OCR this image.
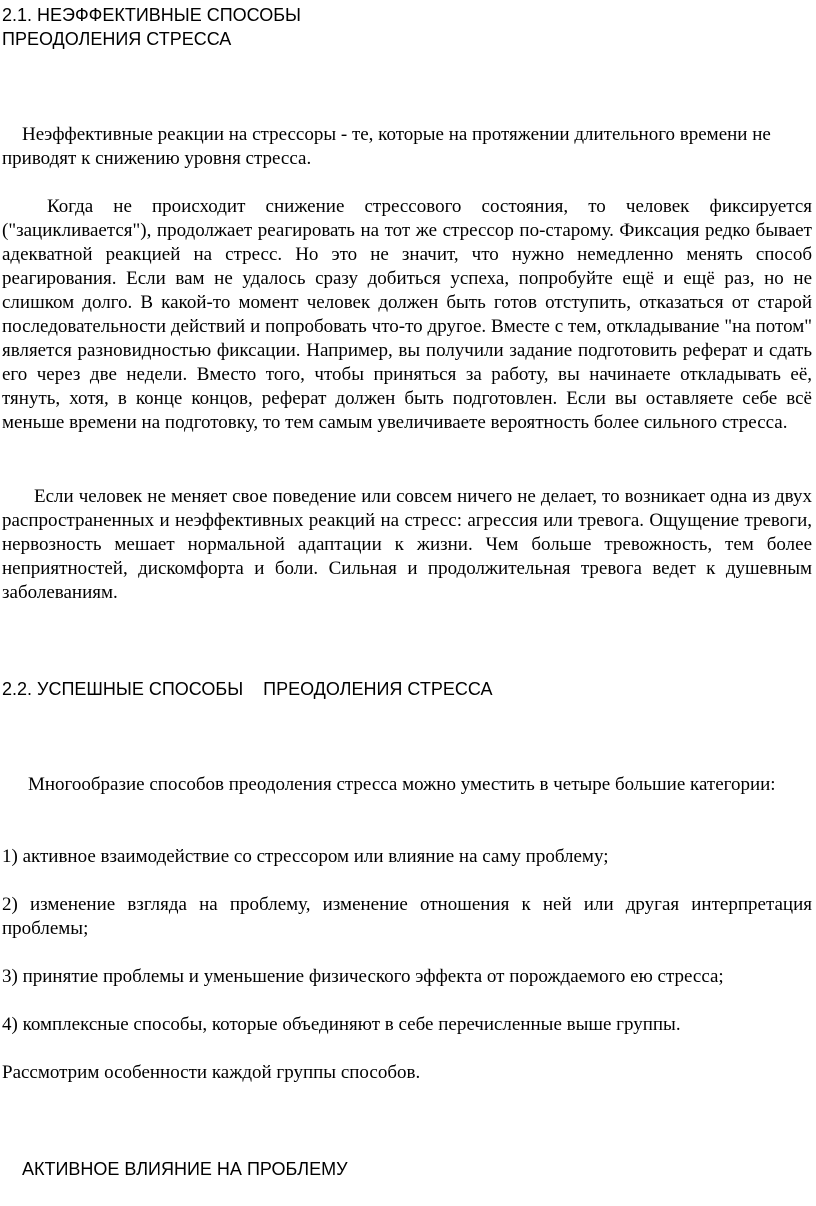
2.1. НЕЭФФЕКТИВНЫЕ СПОСОБЫ
ПРЕОДОЛЕНИЯ СТРЕССА
Неэффективные реакции на стрессоры - те, которые на протяжении длительного времени не приводят к снижению уровня стресса.
Когда не происходит снижение стрессового состояния, то человек фиксируется ("зацикливается"), продолжает реагировать на тот же стрессор по-старому. Фиксация редко бывает адекватной реакцией на стресс. Но это не значит, что нужно немедленно менять способ реагирования. Если вам не удалось сразу добиться успеха, попробуйте ещё и ещё раз, но не слишком долго. В какой-то момент человек должен быть готов отступить, отказаться от старой последовательности действий и попробовать что-то другое. Вместе с тем, откладывание "на потом" является разновидностью фиксации. Например, вы получили задание подготовить реферат и сдать его через две недели. Вместо того, чтобы приняться за работу, вы начинаете откладывать её, тянуть, хотя, в конце концов, реферат должен быть подготовлен. Если вы оставляете себе всё меньше времени на подготовку, то тем самым увеличиваете вероятность более сильного стресса.
Если человек не меняет свое поведение или совсем ничего не делает, то возникает одна из двух распространенных и неэффективных реакций на стресс: агрессия или тревога. Ощущение тревоги, нервозность мешает нормальной адаптации к жизни. Чем больше тревожность, тем более неприятностей, дискомфорта и боли. Сильная и продолжительная тревога ведет к душевным заболеваниям.
2.2. УСПЕШНЫЕ СПОСОБЫ    ПРЕОДОЛЕНИЯ СТРЕССА
Многообразие способов преодоления стресса можно уместить в четыре большие категории:
1) активное взаимодействие со стрессором или влияние на саму проблему;
2) изменение взгляда на проблему, изменение отношения к ней или другая интерпретация проблемы;
3) принятие проблемы и уменьшение физического эффекта от порождаемого ею стресса;
4) комплексные способы, которые объединяют в себе перечисленные выше группы.
Рассмотрим особенности каждой группы способов.
АКТИВНОЕ ВЛИЯНИЕ НА ПРОБЛЕМУ
